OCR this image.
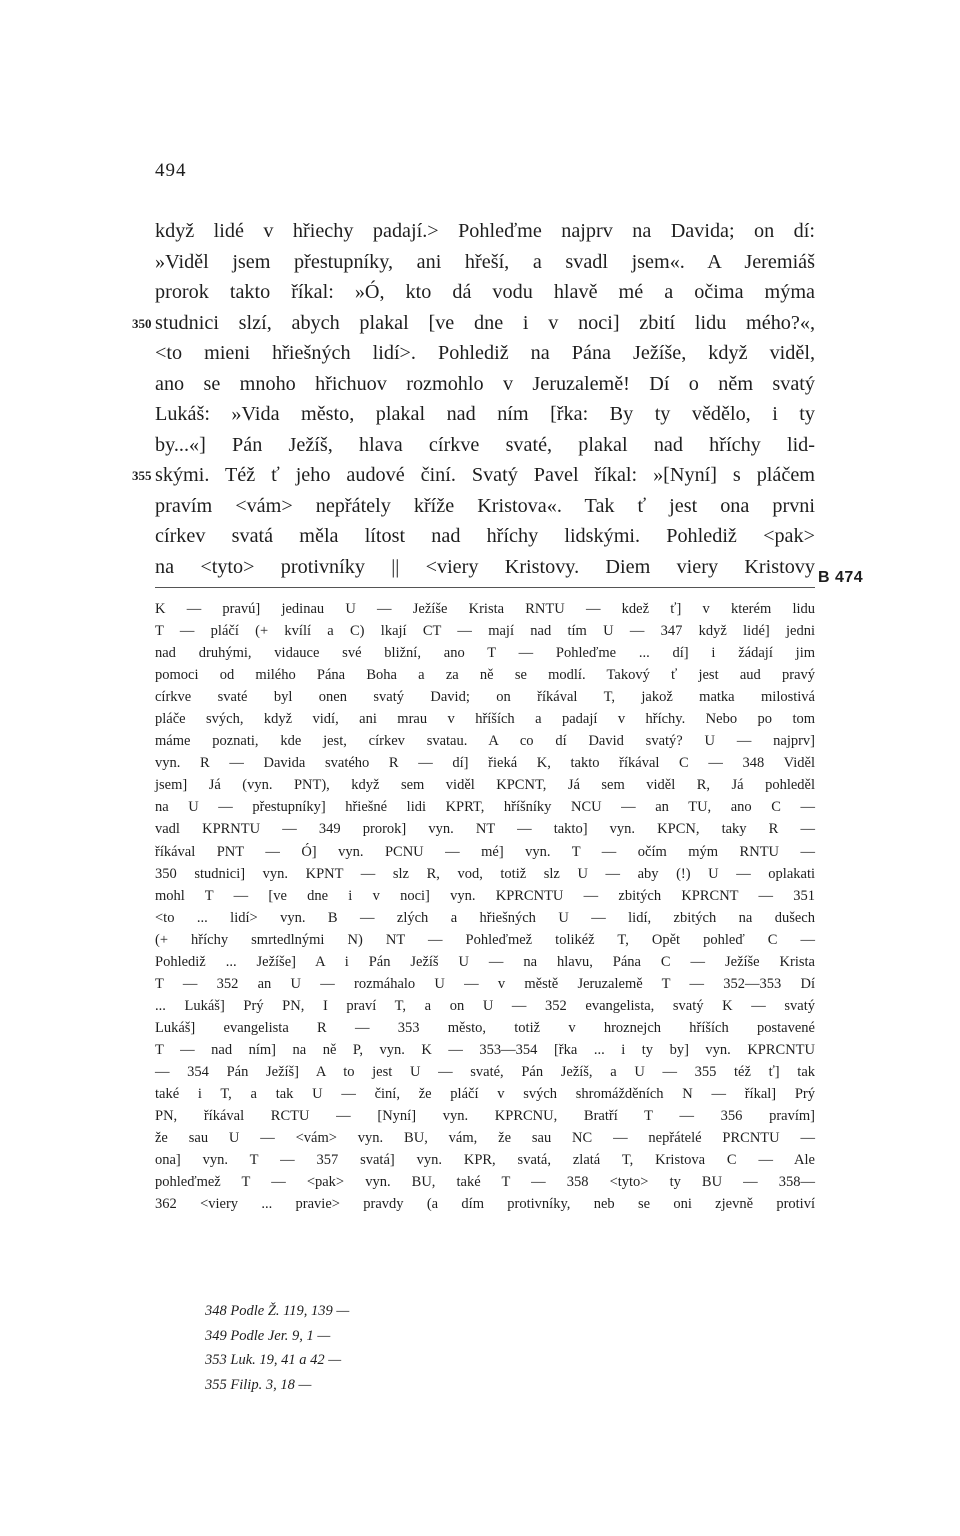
494
když lidé v hřiechy padají.> Pohleďme najprv na Davida; on dí:
»Viděl jsem přestupníky, ani hřeší, a svadl jsem«. A Jeremiáš
prorok takto říkal: »Ó, kto dá vodu hlavě mé a očima mýma
350 studnici slzí, abych plakal [ve dne i v noci] zbití lidu mého?«,
<to mieni hřiešných lidí>. Pohlediž na Pána Ježíše, když viděl,
ano se mnoho hřichuov rozmohlo v Jeruzalemě! Dí o něm svatý
Lukáš: »Vida město, plakal nad ním [řka: By ty vědělo, i ty
by...«] Pán Ježíš, hlava církve svaté, plakal nad hříchy lid-
355 skými. Též ť jeho audové činí. Svatý Pavel říkal: »[Nyní] s pláčem
pravím <vám> nepřátely kříže Kristova«. Tak ť jest ona prvni
církev svatá měla lítost nad hříchy lidskými. Pohlediž <pak>
na <tyto> protivníky || <viery Kristovy. Diem viery Kristovy B 474
K — pravú] jedinau U — Ježíše Krista RNTU — kdež ť] v kterém lidu
T — pláčí (+ kvílí a C) lkají CT — mají nad tím U — 347 když lidé] jedni
nad druhými, vidauce své bližní, ano T — Pohleďme ... dí] i žádají jim
pomoci od milého Pána Boha a za ně se modlí. Takový ť jest aud pravý
církve svaté byl onen svatý David; on říkával T, jakož matka milostivá
pláče svých, když vidí, ani mrau v hříších a padají v hříchy. Nebo po tom
máme poznati, kde jest, církev svatau. A co dí David svatý? U — najprv]
vyn. R — Davida svatého R — dí] řieká K, takto říkával C — 348 Viděl
jsem] Já (vyn. PNT), když sem viděl KPCNT, Já sem viděl R, Já pohleděl
na U — přestupníky] hřiešné lidi KPRT, hříšníky NCU — an TU, ano C —
vadl KPRNTU — 349 prorok] vyn. NT — takto] vyn. KPCN, taky R —
říkával PNT — Ó] vyn. PCNU — mé] vyn. T — očím mým RNTU —
350 studnici] vyn. KPNT — slz R, vod, totiž slz U — aby (!) U — oplakati
mohl T — [ve dne i v noci] vyn. KPRCNTU — zbitých KPRCNT — 351
<to ... lidí> vyn. B — zlých a hřiešných U — lidí, zbitých na dušech
(+ hříchy smrtedlnými N) NT — Pohleďmež tolikéž T, Opět pohleď C —
Pohlediž ... Ježíše] A i Pán Ježíš U — na hlavu, Pána C — Ježíše Krista
T — 352 an U — rozmáhalo U — v městě Jeruzalemě T — 352—353 Dí
... Lukáš] Prý PN, I praví T, a on U — 352 evangelista, svatý K — svatý
Lukáš] evangelista R — 353 město, totiž v hroznejch hříších postavené
T — nad ním] na ně P, vyn. K — 353—354 [řka ... i ty by] vyn. KPRCNTU
— 354 Pán Ježíš] A to jest U — svaté, Pán Ježíš, a U — 355 též ť] tak
také i T, a tak U — činí, že pláčí v svých shromážděních N — říkal] Prý
PN, říkával RCTU — [Nyní] vyn. KPRCNU, Bratří T — 356 pravím]
že sau U — <vám> vyn. BU, vám, že sau NC — nepřátelé PRCNTU —
ona] vyn. T — 357 svatá] vyn. KPR, svatá, zlatá T, Kristova C — Ale
pohleďmež T — <pak> vyn. BU, také T — 358 <tyto> ty BU — 358—
362 <viery ... pravie> pravdy (a dím protivníky, neb se oni zjevně protiví
348 Podle Ž. 119, 139 —
349 Podle Jer. 9, 1 —
353 Luk. 19, 41 a 42 —
355 Filip. 3, 18 —
